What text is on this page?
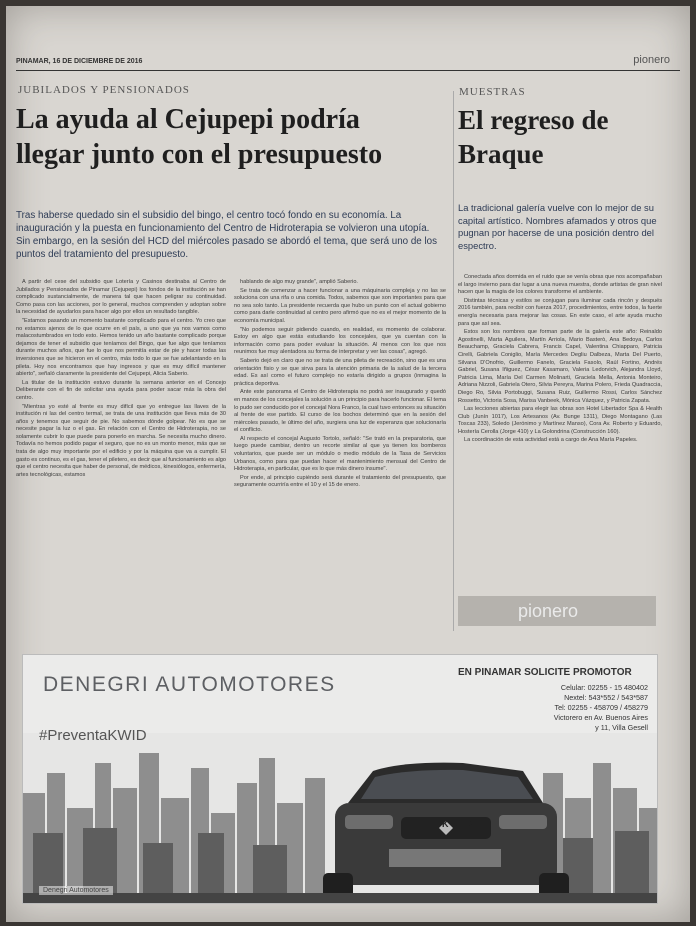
PINAMAR, 16 DE DICIEMBRE DE 2016	pionero
JUBILADOS Y PENSIONADOS
La ayuda al Cejupepi podría
llegar junto con el presupuesto
Tras haberse quedado sin el subsidio del bingo, el centro tocó fondo en su economía. La inauguración y la puesta en funcionamiento del Centro de Hidroterapia se volvieron una utopía. Sin embargo, en la sesión del HCD del miércoles pasado se abordó el tema, que será uno de los puntos del tratamiento del presupuesto.

A partir del cese del subsidio que Lotería y Casinos destinaba al Centro de Jubilados y Pensionados de Pinamar (Cejupepi) los fondos de la institución se han complicado sustancialmente, de manera tal que hacen peligrar su continuidad. Como pasa con las acciones, por lo general, muchos comprenden y adoptan sobre la necesidad de ayudarlos para hacer algo por ellos un resultado tangible.

"Estamos pasando un momento bastante complicado para el centro. Yo creo que no estamos ajenos de lo que ocurre en el país, a uno que ya nos vamos como malacostumbrados en todo esto. Hemos tenido un año bastante complicado porque dejamos de tener el subsidio que teníamos del Bingo, que fue algo que teníamos durante muchos años, que fue lo que nos permitía estar de pie y hacer todas las inversiones que se hicieron en el centro, más todo lo que se fue adelantando en la pileta. Hoy nos encontramos que hay ingresos y que es muy difícil mantener abierto", señaló claramente la presidente del Cejupepi, Alicia Saberio.

La titular de la institución estuvo durante la semana anterior en el Concejo Deliberante con el fin de solicitar una ayuda para poder sacar más la obra del centro.

"Mientras yo esté al frente es muy difícil que yo entregue las llaves de la institución ni las del centro termal, se trata de una institución que lleva más de 30 años y tenemos que seguir de pie. No sabemos dónde golpear. No es que se necesite pagar la luz o el gas. En relación con el Centro de Hidroterapia, no se solamente cubrir lo que puede para ponerlo en marcha. Se necesita mucho dinero. Todavía no hemos podido pagar el seguro, que no es un monto menor, más que se trata de algo muy importante por el edificio y por la máquina que va a cumplir. El gasto es continuo, es el gas, tener el piletero, es decir que al funcionamiento es algo que el centro necesita que haber de personal, de médicos, kinesiólogos, enfermería, artes tecnológicas, estamos

hablando de algo muy grande", amplió Saberio.

Se trata de comenzar a hacer funcionar a una máquinaria compleja y no las se soluciona con una rifa o una comida. Todos, sabemos que son importantes para que no sea solo tanto. La presidente recuerda que hubo un punto con el actual gobierno como para darle continuidad al centro pero afirmó que no es el mejor momento de la economía municipal.

"No podemos seguir pidiendo cuando, en realidad, es momento de colaborar. Estoy en algo que estás estudiando los concejales, que ya cuentan con la información como para poder evaluar la situación. Al menos con los que nos reunimos fue muy alentadora su forma de interpretar y ver las cosas", agregó.

Saberio dejó en claro que no se trata de una pileta de recreación, sino que es una orientación fisio y se que sirva para la atención primaria de la salud de la tercera edad. Es así como el futuro complejo no estaría dirigido a grupos (inmagina la práctica deportiva.

Ante este panorama el Centro de Hidroterapia no podrá ser inaugurado y quedó en manos de los concejales la solución a un principio para hacerlo funcionar. El tema lo pudo ser conducido por el concejal Nora Franco, la cual tuvo entonces su situación al frente de ese partido. El curso de los bochos determinó que en la sesión del miércoles pasado, le último del año, surgiera una luz de esperanza que solucionaría el conflicto.

Al respecto el concejal Augusto Tortolo, señaló: "Se trató en la preparatoria, que luego puede cambiar, dentro un recorte similar al que ya tienen los bomberos voluntarios, que puede ser un módulo o medio módulo de la Tasa de Servicios Urbanos, como para que puedan hacer el mantenimiento mensual del Centro de Hidroterapia, en particular, que es lo que más dinero insume".

Por ende, al principio cupiéndo será durante el tratamiento del presupuesto, que seguramente ocurriría entre el 10 y el 15 de enero.

MUESTRAS
El regreso de
Braque
La tradicional galería vuelve con lo mejor de su capital artístico. Nombres afamados y otros que pugnan por hacerse de una posición dentro del espectro.

Conectada años dormida en el ruido que se venía obras que nos acompañaban el largo invierno para dar lugar a una nueva muestra, donde artistas de gran nivel hacen que la magia de los colores transforme el ambiente.

Distintas técnicas y estilos se conjugan para iluminar cada rincón y después 2016 también, para recibir con fuerza 2017, procedimientos, entre todos, la fuerte energía necesaria para mejorar las cosas. En este caso, el arte ayuda mucho para que así sea.

Estos son los nombres que forman parte de la galería este año: Reinaldo Agostinelli, Marta Aguilera, Martín Arriola, Mario Basterò, Ana Bedoya, Carlos Beauchamp, Graciela Cabrera, Francis Capel, Valentina Chiapparo, Patricia Cirelli, Gabriela Coniglio, María Mercedes Degliu Dalbeza, Marta Del Puerto, Silvana D'Onofrio, Guillermo Fanelo, Graciela Fasolo, Raúl Fortino, Andrés Gabriel, Susana Iñiguez, César Kasamaro, Valeria Ledorvich, Alejandra Lloyd, Patricia Lima, María Del Carmen Molinarti, Graciela Mella, Antonia Monteiro, Adriana Nizzoli, Gabriela Otero, Silvia Pereyra, Marina Polero, Frieda Quadraccia, Diego Ro, Silvia Portobuggi, Susana Ruiz, Guillermo Rossi, Carlos Sánchez Rossetto, Victoria Sosa, Marisa Vanbeek, Mónica Vázquez, y Patricia Zapata.

Las lecciones abiertas para elegir las obras son Hotel Libertador Spa & Health Club (Junín 1017), Los Artesanos (Av. Bunge 1311), Diego Montagano (Las Toscas 233), Soledo (Jerónimo y Martínez Manso), Cora Av. Roberto y Eduardo, Hostería Cerolla (Jorge 410) y La Golondrina (Construcción 160).

La coordinación de esta actividad está a cargo de Ana María Papeles.

pionero
KWID
DENEGRI AUTOMOTORES
#PreventaKWID
EN PINAMAR SOLICITE PROMOTOR
Celular: 02255 - 15 480402
Nextel: 543*552 / 543*587
Tel: 02255 - 458709 / 458279
Victorero en Av. Buenos Aires
y 11, Villa Gesell
Denegri Automotores
